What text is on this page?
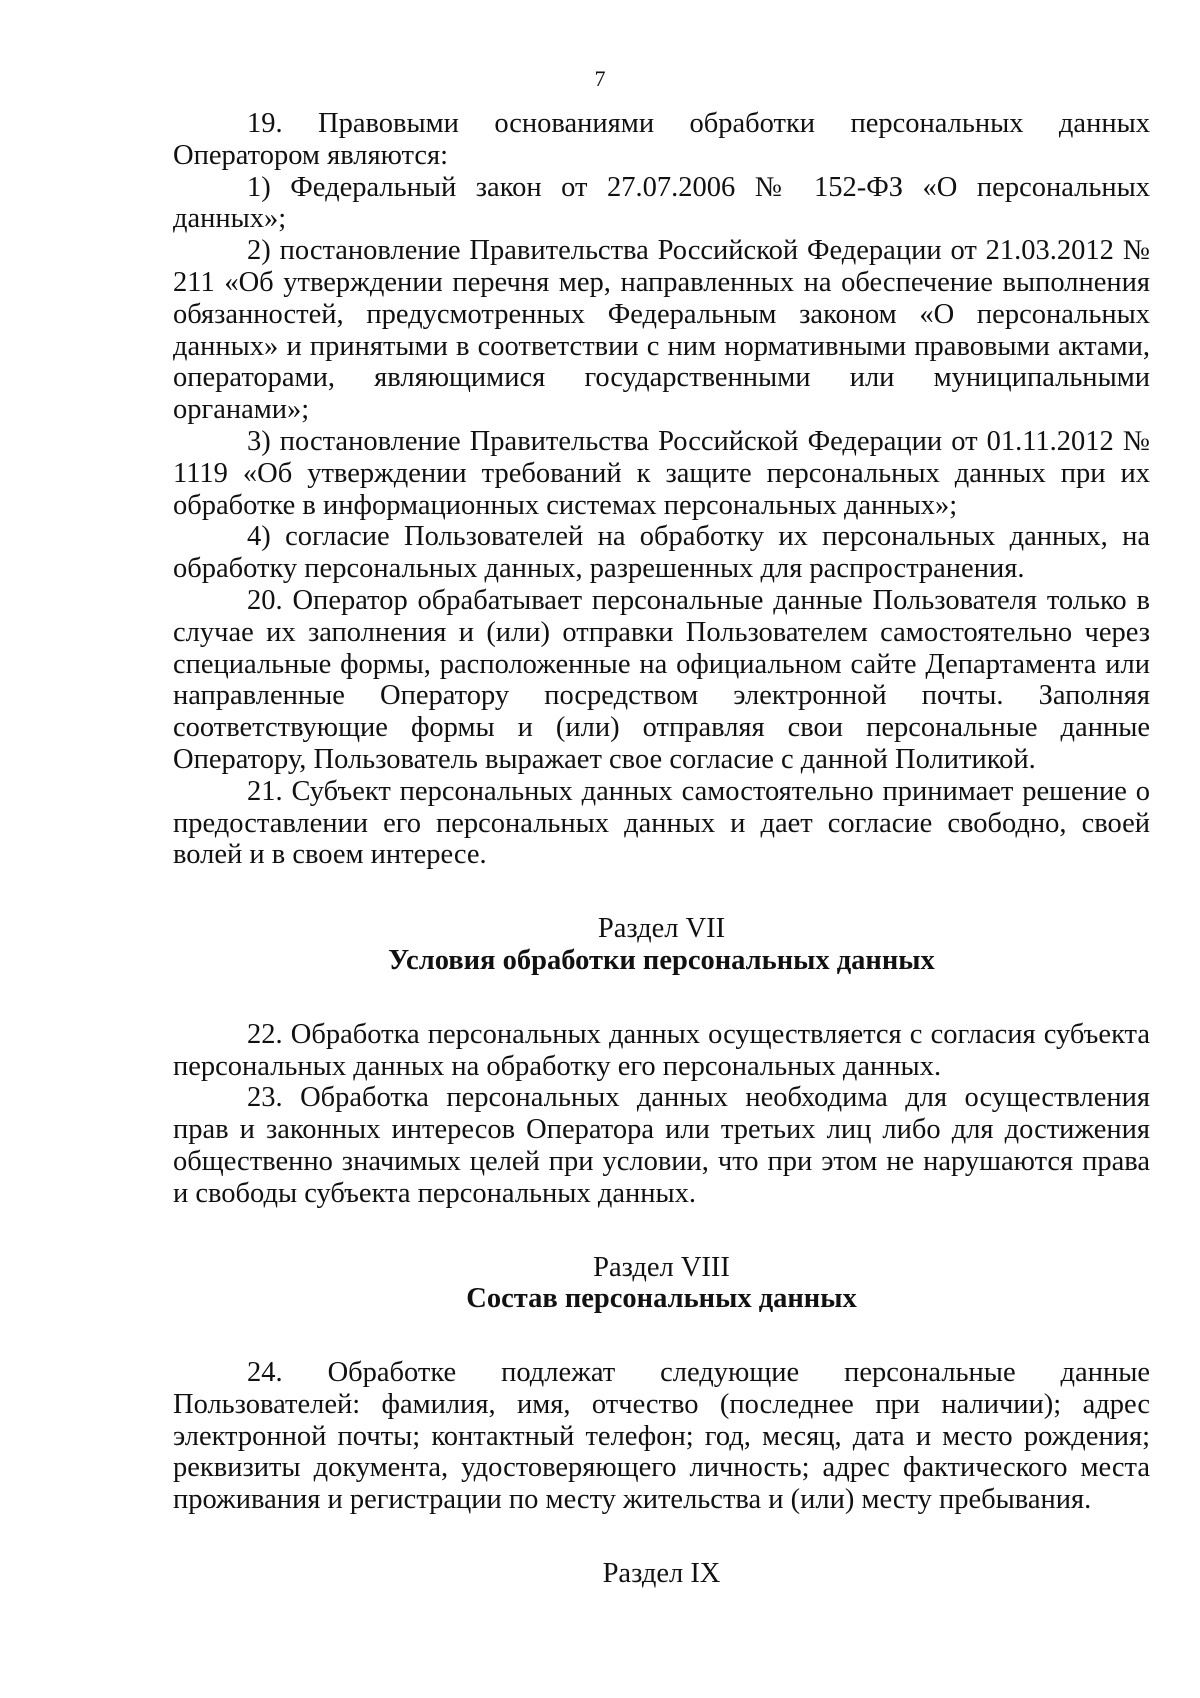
7

19. Правовыми основаниями обработки персональных данных Оператором являются:

1) Федеральный закон от 27.07.2006 № 152-ФЗ «О персональных данных»;

2) постановление Правительства Российской Федерации от 21.03.2012 № 211 «Об утверждении перечня мер, направленных на обеспечение выполнения обязанностей, предусмотренных Федеральным законом «О персональных данных» и принятыми в соответствии с ним нормативными правовыми актами, операторами, являющимися государственными или муниципальными органами»;

3) постановление Правительства Российской Федерации от 01.11.2012 № 1119 «Об утверждении требований к защите персональных данных при их обработке в информационных системах персональных данных»;

4) согласие Пользователей на обработку их персональных данных, на обработку персональных данных, разрешенных для распространения.

20. Оператор обрабатывает персональные данные Пользователя только в случае их заполнения и (или) отправки Пользователем самостоятельно через специальные формы, расположенные на официальном сайте Департамента или направленные Оператору посредством электронной почты. Заполняя соответствующие формы и (или) отправляя свои персональные данные Оператору, Пользователь выражает свое согласие с данной Политикой.

21. Субъект персональных данных самостоятельно принимает решение о предоставлении его персональных данных и дает согласие свободно, своей волей и в своем интересе.

Раздел VII

Условия обработки персональных данных

22. Обработка персональных данных осуществляется с согласия субъекта персональных данных на обработку его персональных данных.

23. Обработка персональных данных необходима для осуществления прав и законных интересов Оператора или третьих лиц либо для достижения общественно значимых целей при условии, что при этом не нарушаются права и свободы субъекта персональных данных.

Раздел VIII

Состав персональных данных

24. Обработке подлежат следующие персональные данные Пользователей: фамилия, имя, отчество (последнее при наличии); адрес электронной почты; контактный телефон; год, месяц, дата и место рождения; реквизиты документа, удостоверяющего личность; адрес фактического места проживания и регистрации по месту жительства и (или) месту пребывания.

Раздел IX
